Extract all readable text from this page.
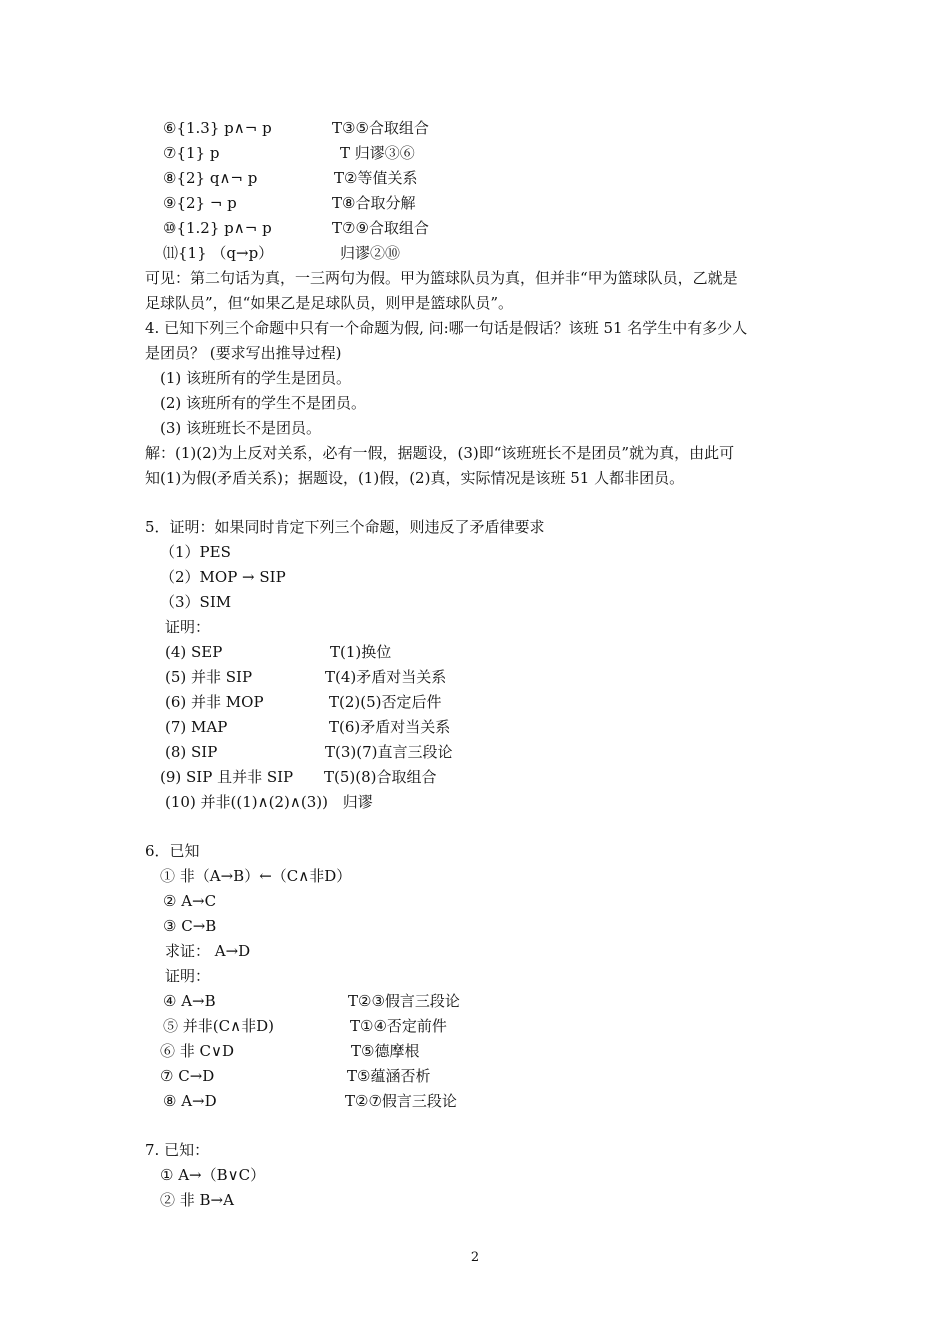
⑥{1.3} p∧¬ p	T③⑤合取组合
⑦{1} p	T 归谬③⑥
⑧{2} q∧¬ p	T②等值关系
⑨{2} ¬ p	T⑧合取分解
⑩{1.2} p∧¬ p	T⑦⑨合取组合
⑾{1} （q→p）	归谬②⑩
可见：第二句话为真，一三两句为假。甲为篮球队员为真，但并非“甲为篮球队员，乙就是
足球队员”，但“如果乙是足球队员，则甲是篮球队员”。
4. 已知下列三个命题中只有一个命题为假, 问:哪一句话是假话？该班 51 名学生中有多少人
是团员？ (要求写出推导过程)
(1) 该班所有的学生是团员。
(2) 该班所有的学生不是团员。
(3) 该班班长不是团员。
解：(1)(2)为上反对关系，必有一假，据题设，(3)即“该班班长不是团员”就为真，由此可
知(1)为假(矛盾关系)；据题设，(1)假，(2)真，实际情况是该班 51 人都非团员。
5．证明：如果同时肯定下列三个命题，则违反了矛盾律要求
（1）PES
（2）MOP → SIP
（3）SIM
证明：
(4) SEP	T(1)换位
(5) 并非 SIP	T(4)矛盾对当关系
(6) 并非 MOP	T(2)(5)否定后件
(7) MAP	T(6)矛盾对当关系
(8) SIP	T(3)(7)直言三段论
(9) SIP 且并非 SIP T(5)(8)合取组合
(10) 并非((1)∧(2)∧(3)) 归谬
6．已知
① 非（A→B）←（C∧非D）
② A→C
③ C→B
求证： A→D
证明：
④ A→B	T②③假言三段论
⑤ 并非(C∧非D)	T①④否定前件
⑥ 非 C∨D	T⑤德摩根
⑦ C→D	T⑤蕴涵否析
⑧ A→D	T②⑦假言三段论
7. 已知：
① A→（B∨C）
② 非 B→A
2
